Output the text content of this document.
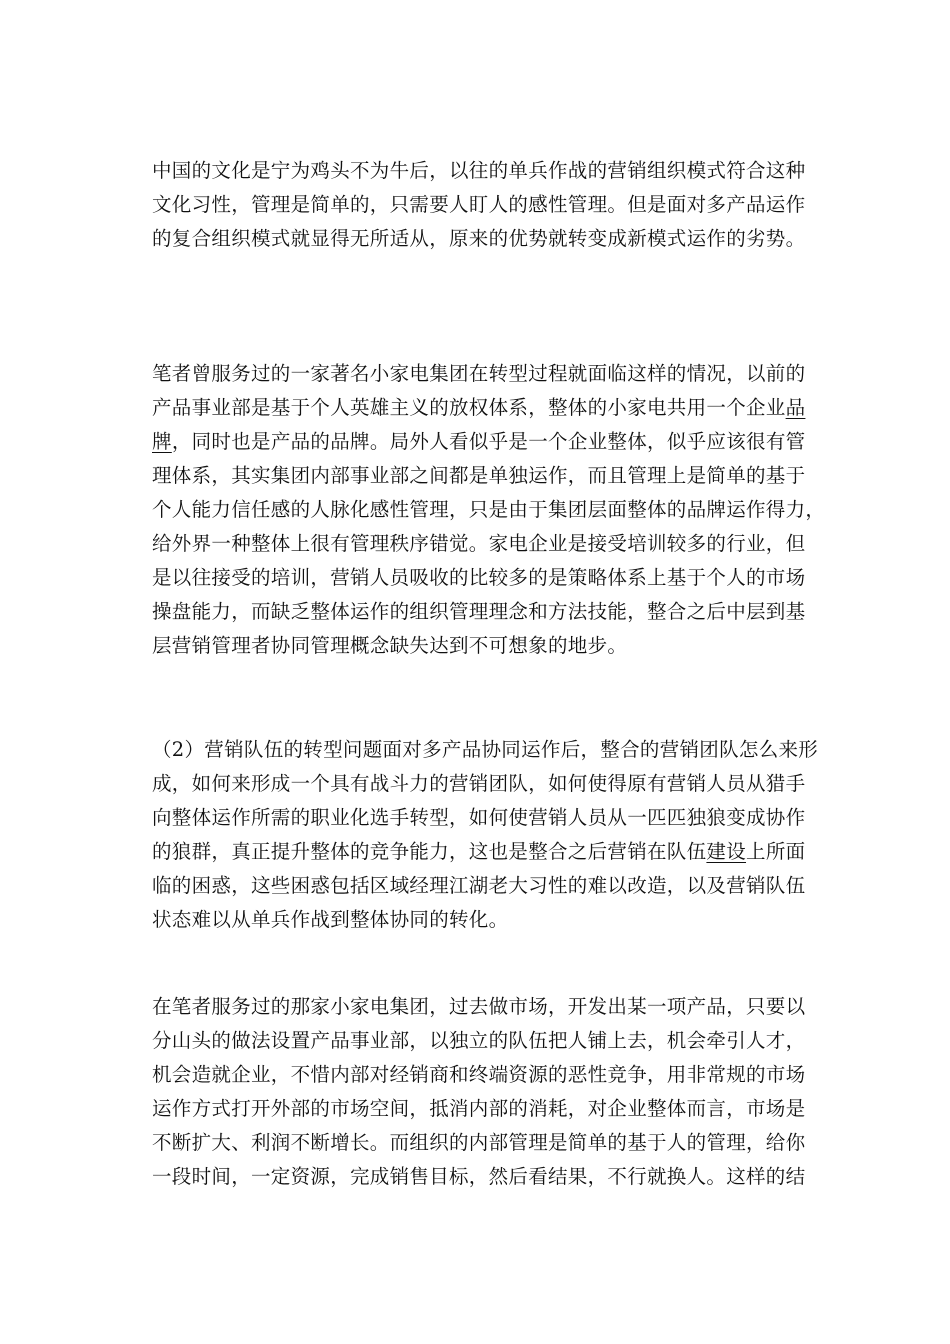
中国的文化是宁为鸡头不为牛后，以往的单兵作战的营销组织模式符合这种
文化习性，管理是简单的，只需要人盯人的感性管理。但是面对多产品运作
的复合组织模式就显得无所适从，原来的优势就转变成新模式运作的劣势。
笔者曾服务过的一家著名小家电集团在转型过程就面临这样的情况，以前的
产品事业部是基于个人英雄主义的放权体系，整体的小家电共用一个企业品
牌，同时也是产品的品牌。局外人看似乎是一个企业整体，似乎应该很有管
理体系，其实集团内部事业部之间都是单独运作，而且管理上是简单的基于
个人能力信任感的人脉化感性管理，只是由于集团层面整体的品牌运作得力，
给外界一种整体上很有管理秩序错觉。家电企业是接受培训较多的行业，但
是以往接受的培训，营销人员吸收的比较多的是策略体系上基于个人的市场
操盘能力，而缺乏整体运作的组织管理理念和方法技能，整合之后中层到基
层营销管理者协同管理概念缺失达到不可想象的地步。
（2）营销队伍的转型问题面对多产品协同运作后，整合的营销团队怎么来形
成，如何来形成一个具有战斗力的营销团队，如何使得原有营销人员从猎手
向整体运作所需的职业化选手转型，如何使营销人员从一匹匹独狼变成协作
的狼群，真正提升整体的竞争能力，这也是整合之后营销在队伍建设上所面
临的困惑，这些困惑包括区域经理江湖老大习性的难以改造，以及营销队伍
状态难以从单兵作战到整体协同的转化。
在笔者服务过的那家小家电集团，过去做市场，开发出某一项产品，只要以
分山头的做法设置产品事业部，以独立的队伍把人铺上去，机会牵引人才，
机会造就企业，不惜内部对经销商和终端资源的恶性竞争，用非常规的市场
运作方式打开外部的市场空间，抵消内部的消耗，对企业整体而言，市场是
不断扩大、利润不断增长。而组织的内部管理是简单的基于人的管理，给你
一段时间，一定资源，完成销售目标，然后看结果，不行就换人。这样的结
